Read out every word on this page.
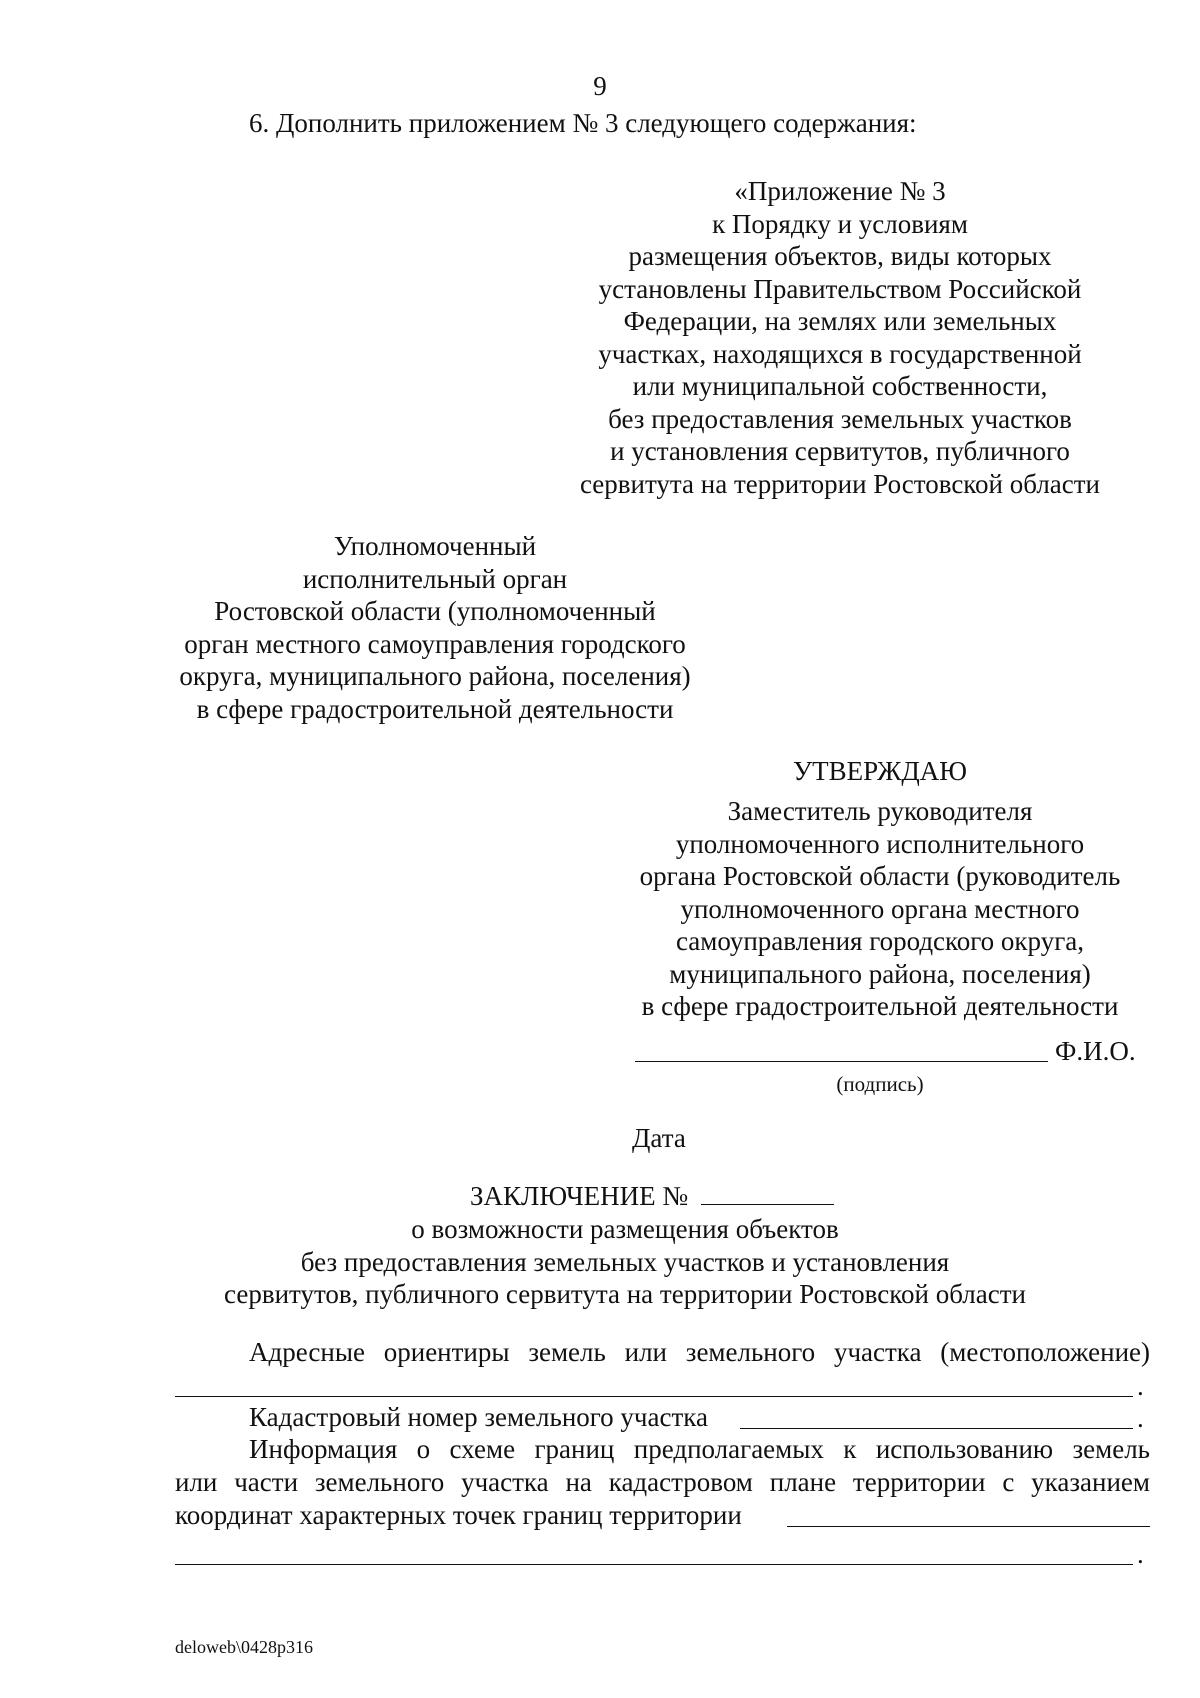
9
6. Дополнить приложением № 3 следующего содержания:
«Приложение № 3
к Порядку и условиям
размещения объектов, виды которых
установлены Правительством Российской
Федерации, на землях или земельных
участках, находящихся в государственной
или муниципальной собственности,
без предоставления земельных участков
и установления сервитутов, публичного
сервитута на территории Ростовской области
Уполномоченный
исполнительный орган
Ростовской области (уполномоченный
орган местного самоуправления городского
округа, муниципального района, поселения)
в сфере градостроительной деятельности
УТВЕРЖДАЮ
Заместитель руководителя
уполномоченного исполнительного
органа Ростовской области (руководитель
уполномоченного органа местного
самоуправления городского округа,
муниципального района, поселения)
в сфере градостроительной деятельности
Ф.И.О.
(подпись)
Дата
ЗАКЛЮЧЕНИЕ №
о возможности размещения объектов
без предоставления земельных участков и установления
сервитутов, публичного сервитута на территории Ростовской области
Адресные ориентиры земель или земельного участка (местоположение)
.
Кадастровый номер земельного участка	.
Информация о схеме границ предполагаемых к использованию земель
или части земельного участка на кадастровом плане территории с указанием
координат характерных точек границ территории
.
deloweb\0428p316
